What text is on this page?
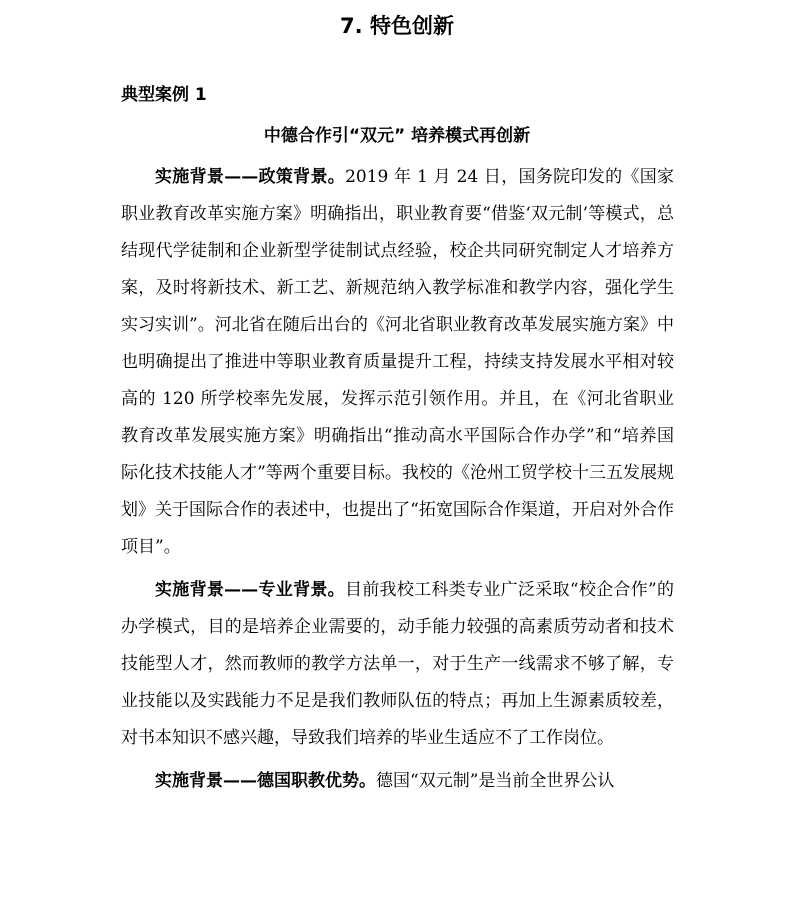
7. 特色创新
典型案例 1
中德合作引“双元” 培养模式再创新

实施背景——政策背景。2019 年 1 月 24 日，国务院印发的《国家职业教育改革实施方案》明确指出，职业教育要“借鉴‘双元制’等模式，总结现代学徒制和企业新型学徒制试点经验，校企共同研究制定人才培养方案，及时将新技术、新工艺、新规范纳入教学标准和教学内容，强化学生实习实训”。河北省在随后出台的《河北省职业教育改革发展实施方案》中也明确提出了推进中等职业教育质量提升工程，持续支持发展水平相对较高的 120 所学校率先发展，发挥示范引领作用。并且，在《河北省职业教育改革发展实施方案》明确指出“推动高水平国际合作办学”和“培养国际化技术技能人才”等两个重要目标。我校的《沧州工贸学校十三五发展规划》关于国际合作的表述中，也提出了“拓宽国际合作渠道，开启对外合作项目”。

实施背景——专业背景。目前我校工科类专业广泛采取“校企合作”的办学模式，目的是培养企业需要的，动手能力较强的高素质劳动者和技术技能型人才，然而教师的教学方法单一，对于生产一线需求不够了解，专业技能以及实践能力不足是我们教师队伍的特点；再加上生源素质较差，对书本知识不感兴趣，导致我们培养的毕业生适应不了工作岗位。

实施背景——德国职教优势。德国“双元制”是当前全世界公认
